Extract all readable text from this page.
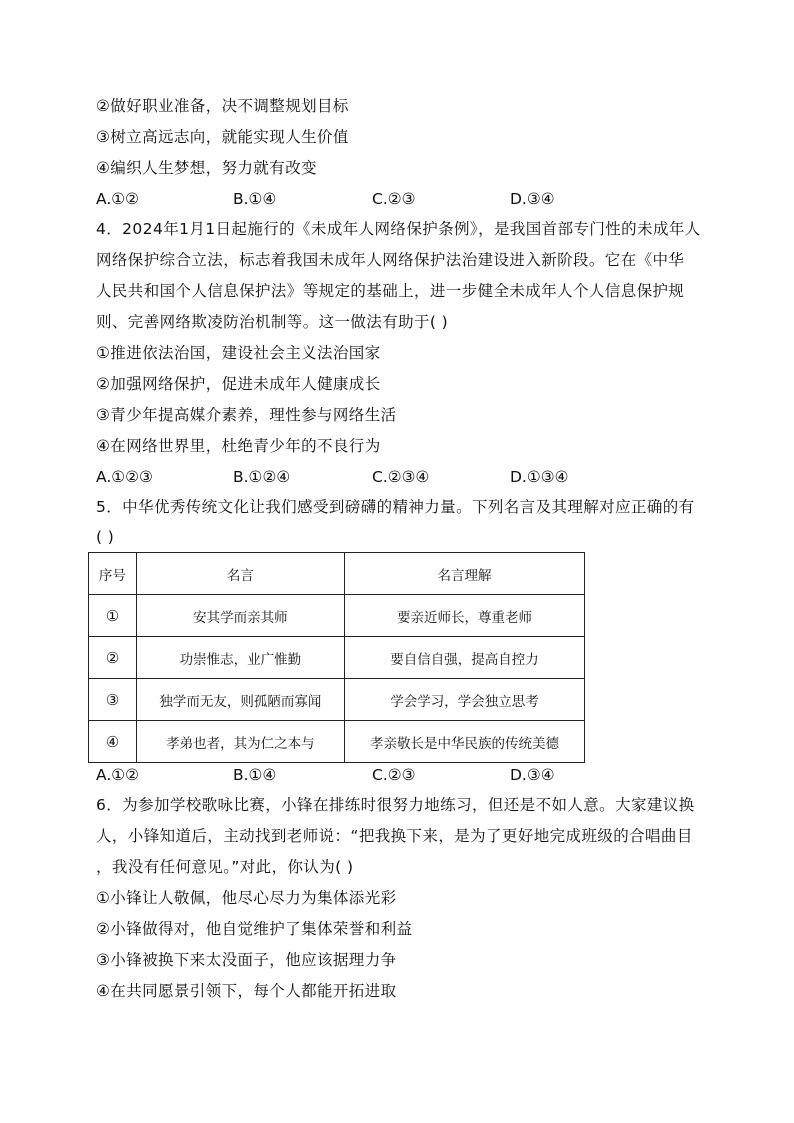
②做好职业准备，决不调整规划目标
③树立高远志向，就能实现人生价值
④编织人生梦想，努力就有改变
A.①②	B.①④	C.②③	D.③④
4．2024年1月1日起施行的《未成年人网络保护条例》，是我国首部专门性的未成年人
网络保护综合立法，标志着我国未成年人网络保护法治建设进入新阶段。它在《中华
人民共和国个人信息保护法》等规定的基础上，进一步健全未成年人个人信息保护规
则、完善网络欺凌防治机制等。这一做法有助于( )
①推进依法治国，建设社会主义法治国家
②加强网络保护，促进未成年人健康成长
③青少年提高媒介素养，理性参与网络生活
④在网络世界里，杜绝青少年的不良行为
A.①②③	B.①②④	C.②③④	D.①③④
5．中华优秀传统文化让我们感受到磅礴的精神力量。下列名言及其理解对应正确的有
( )
序号	名言	名言理解
①	安其学而亲其师	要亲近师长，尊重老师
②	功崇惟志，业广惟勤	要自信自强，提高自控力
③	独学而无友，则孤陋而寡闻	学会学习，学会独立思考
④	孝弟也者，其为仁之本与	孝亲敬长是中华民族的传统美德
A.①②	B.①④	C.②③	D.③④
6．为参加学校歌咏比赛，小锋在排练时很努力地练习，但还是不如人意。大家建议换
人，小锋知道后，主动找到老师说：“把我换下来，是为了更好地完成班级的合唱曲目
，我没有任何意见。”对此，你认为( )
①小锋让人敬佩，他尽心尽力为集体添光彩
②小锋做得对，他自觉维护了集体荣誉和利益
③小锋被换下来太没面子，他应该据理力争
④在共同愿景引领下，每个人都能开拓进取
